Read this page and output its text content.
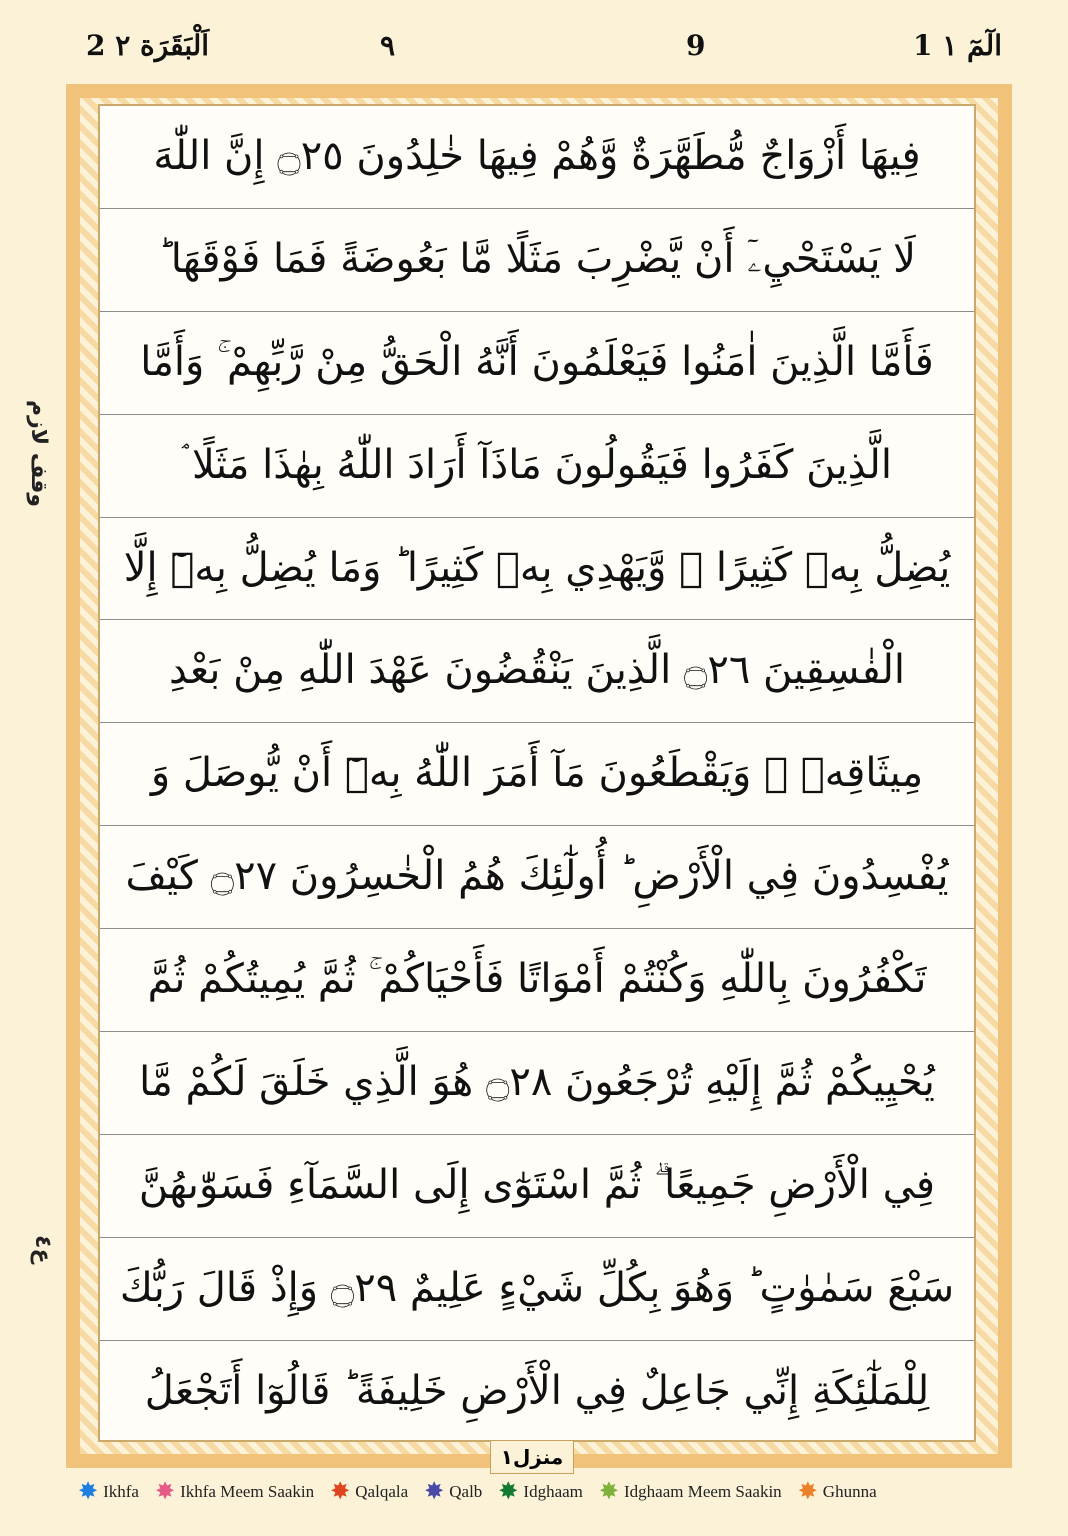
فِيهَا أَزْوَاجٌ مُّطَهَّرَةٌ وَّهُمْ فِيهَا خٰلِدُونَ ۝٢٥ إِنَّ اللّٰهَ
لَا يَسْتَحْيِۦٓ أَنْ يَّضْرِبَ مَثَلًا مَّا بَعُوضَةً فَمَا فَوْقَهَا ؕ
فَأَمَّا الَّذِينَ اٰمَنُوا فَيَعْلَمُونَ أَنَّهُ الْحَقُّ مِنْ رَّبِّهِمْ ۚ وَأَمَّا
الَّذِينَ كَفَرُوا فَيَقُولُونَ مَاذَآ أَرَادَ اللّٰهُ بِهٰذَا مَثَلًا ۘ
يُضِلُّ بِهٖ كَثِيرًا ۙ وَّيَهْدِي بِهٖ كَثِيرًا ؕ وَمَا يُضِلُّ بِهٖٓ إِلَّا
الْفٰسِقِينَ ۝٢٦ الَّذِينَ يَنْقُضُونَ عَهْدَ اللّٰهِ مِنْ بَعْدِ
مِيثَاقِهٖ ۪ وَيَقْطَعُونَ مَآ أَمَرَ اللّٰهُ بِهٖٓ أَنْ يُّوصَلَ وَ
يُفْسِدُونَ فِي الْأَرْضِ ؕ أُولٰٓئِكَ هُمُ الْخٰسِرُونَ ۝٢٧ كَيْفَ
تَكْفُرُونَ بِاللّٰهِ وَكُنْتُمْ أَمْوَاتًا فَأَحْيَاكُمْ ۚ ثُمَّ يُمِيتُكُمْ ثُمَّ
يُحْيِيكُمْ ثُمَّ إِلَيْهِ تُرْجَعُونَ ۝٢٨ هُوَ الَّذِي خَلَقَ لَكُمْ مَّا
فِي الْأَرْضِ جَمِيعًا ۗ ثُمَّ اسْتَوٰٓى إِلَى السَّمَآءِ فَسَوّٰىهُنَّ
سَبْعَ سَمٰوٰتٍ ؕ وَهُوَ بِكُلِّ شَيْءٍ عَلِيمٌ ۝٢٩ وَإِذْ قَالَ رَبُّكَ
لِلْمَلٰٓئِكَةِ إِنِّي جَاعِلٌ فِي الْأَرْضِ خَلِيفَةً ؕ قَالُوٓا أَتَجْعَلُ
1 الٓمٓ ١
9
٩
2 اَلْبَقَرَة ٢
وقف لازم
ع٤
منزل١
✸ Ikhfa ✸ Ikhfa Meem Saakin ✸ Qalqala ✸ Qalb ✸ Idghaam ✸ Idghaam Meem Saakin ✸ Ghunna
